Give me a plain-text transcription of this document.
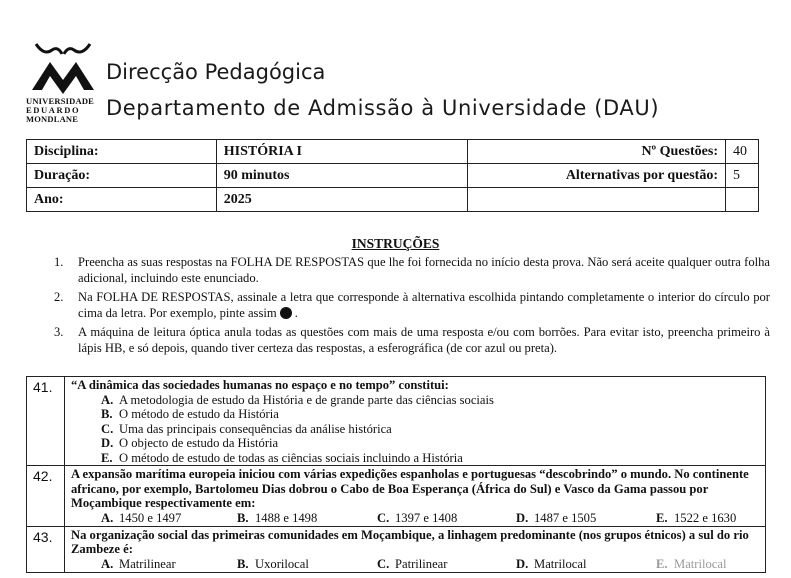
UNIVERSIDADE
EDUARDO
MONDLANE
Direcção Pedagógica
Departamento de Admissão à Universidade (DAU)
Disciplina:	HISTÓRIA I	Nº Questões:	40
Duração:	90 minutos	Alternativas por questão:	5
Ano:	2025		
INSTRUÇÕES
1.	Preencha as suas respostas na FOLHA DE RESPOSTAS que lhe foi fornecida no início desta prova. Não será aceite qualquer outra folha adicional, incluindo este enunciado.
2.	Na FOLHA DE RESPOSTAS, assinale a letra que corresponde à alternativa escolhida pintando completamente o interior do círculo por cima da letra. Por exemplo, pinte assim .
3.	A máquina de leitura óptica anula todas as questões com mais de uma resposta e/ou com borrões. Para evitar isto, preencha primeiro à lápis HB, e só depois, quando tiver certeza das respostas, a esferográfica (de cor azul ou preta).
41.	“A dinâmica das sociedades humanas no espaço e no tempo” constitui:
A. A metodologia de estudo da História e de grande parte das ciências sociais
B. O método de estudo da História
C. Uma das principais consequências da análise histórica
D. O objecto de estudo da História
E. O método de estudo de todas as ciências sociais incluindo a História
42.	A expansão marítima europeia iniciou com várias expedições espanholas e portuguesas “descobrindo” o mundo. No continente africano, por exemplo, Bartolomeu Dias dobrou o Cabo de Boa Esperança (África do Sul) e Vasco da Gama passou por Moçambique respectivamente em:
A. 1450 e 1497	B. 1488 e 1498	C. 1397 e 1408	D. 1487 e 1505	E. 1522 e 1630
43.	Na organização social das primeiras comunidades em Moçambique, a linhagem predominante (nos grupos étnicos) a sul do rio Zambeze é:
A. Matrilinear	B. Uxorilocal	C. Patrilinear	D. Matrilocal	E. Matrilocal
